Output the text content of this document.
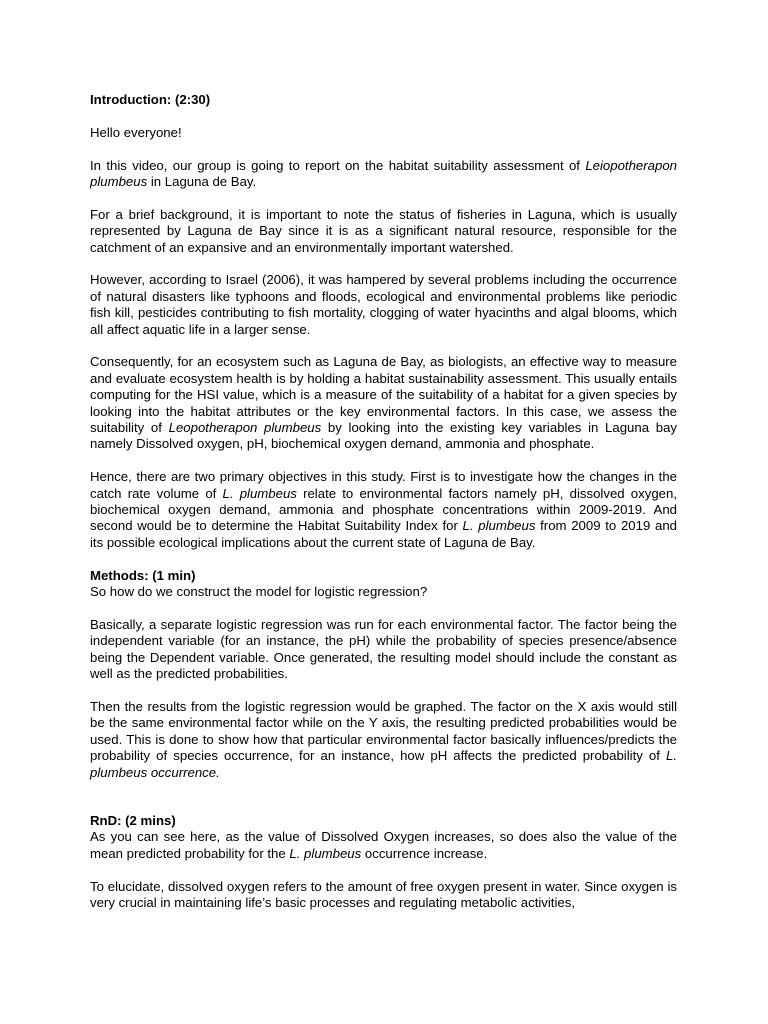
Introduction: (2:30)

Hello everyone!

In this video, our group is going to report on the habitat suitability assessment of Leiopotherapon plumbeus in Laguna de Bay.

For a brief background, it is important to note the status of fisheries in Laguna, which is usually represented by Laguna de Bay since it is as a significant natural resource, responsible for the catchment of an expansive and an environmentally important watershed.

However, according to Israel (2006), it was hampered by several problems including the occurrence of natural disasters like typhoons and floods, ecological and environmental problems like periodic fish kill, pesticides contributing to fish mortality, clogging of water hyacinths and algal blooms, which all affect aquatic life in a larger sense.

Consequently, for an ecosystem such as Laguna de Bay, as biologists, an effective way to measure and evaluate ecosystem health is by holding a habitat sustainability assessment. This usually entails computing for the HSI value, which is a measure of the suitability of a habitat for a given species by looking into the habitat attributes or the key environmental factors. In this case, we assess the suitability of Leopotherapon plumbeus by looking into the existing key variables in Laguna bay namely Dissolved oxygen, pH, biochemical oxygen demand, ammonia and phosphate.

Hence, there are two primary objectives in this study. First is to investigate how the changes in the catch rate volume of L. plumbeus relate to environmental factors namely pH, dissolved oxygen, biochemical oxygen demand, ammonia and phosphate concentrations within 2009-2019. And second would be to determine the Habitat Suitability Index for L. plumbeus from 2009 to 2019 and its possible ecological implications about the current state of Laguna de Bay.

Methods: (1 min)

So how do we construct the model for logistic regression?

Basically, a separate logistic regression was run for each environmental factor. The factor being the independent variable (for an instance, the pH) while the probability of species presence/absence being the Dependent variable. Once generated, the resulting model should include the constant as well as the predicted probabilities.

Then the results from the logistic regression would be graphed. The factor on the X axis would still be the same environmental factor while on the Y axis, the resulting predicted probabilities would be used. This is done to show how that particular environmental factor basically influences/predicts the probability of species occurrence, for an instance, how pH affects the predicted probability of L. plumbeus occurrence.

RnD: (2 mins)

As you can see here, as the value of Dissolved Oxygen increases, so does also the value of the mean predicted probability for the L. plumbeus occurrence increase.

To elucidate, dissolved oxygen refers to the amount of free oxygen present in water. Since oxygen is very crucial in maintaining life’s basic processes and regulating metabolic activities,
